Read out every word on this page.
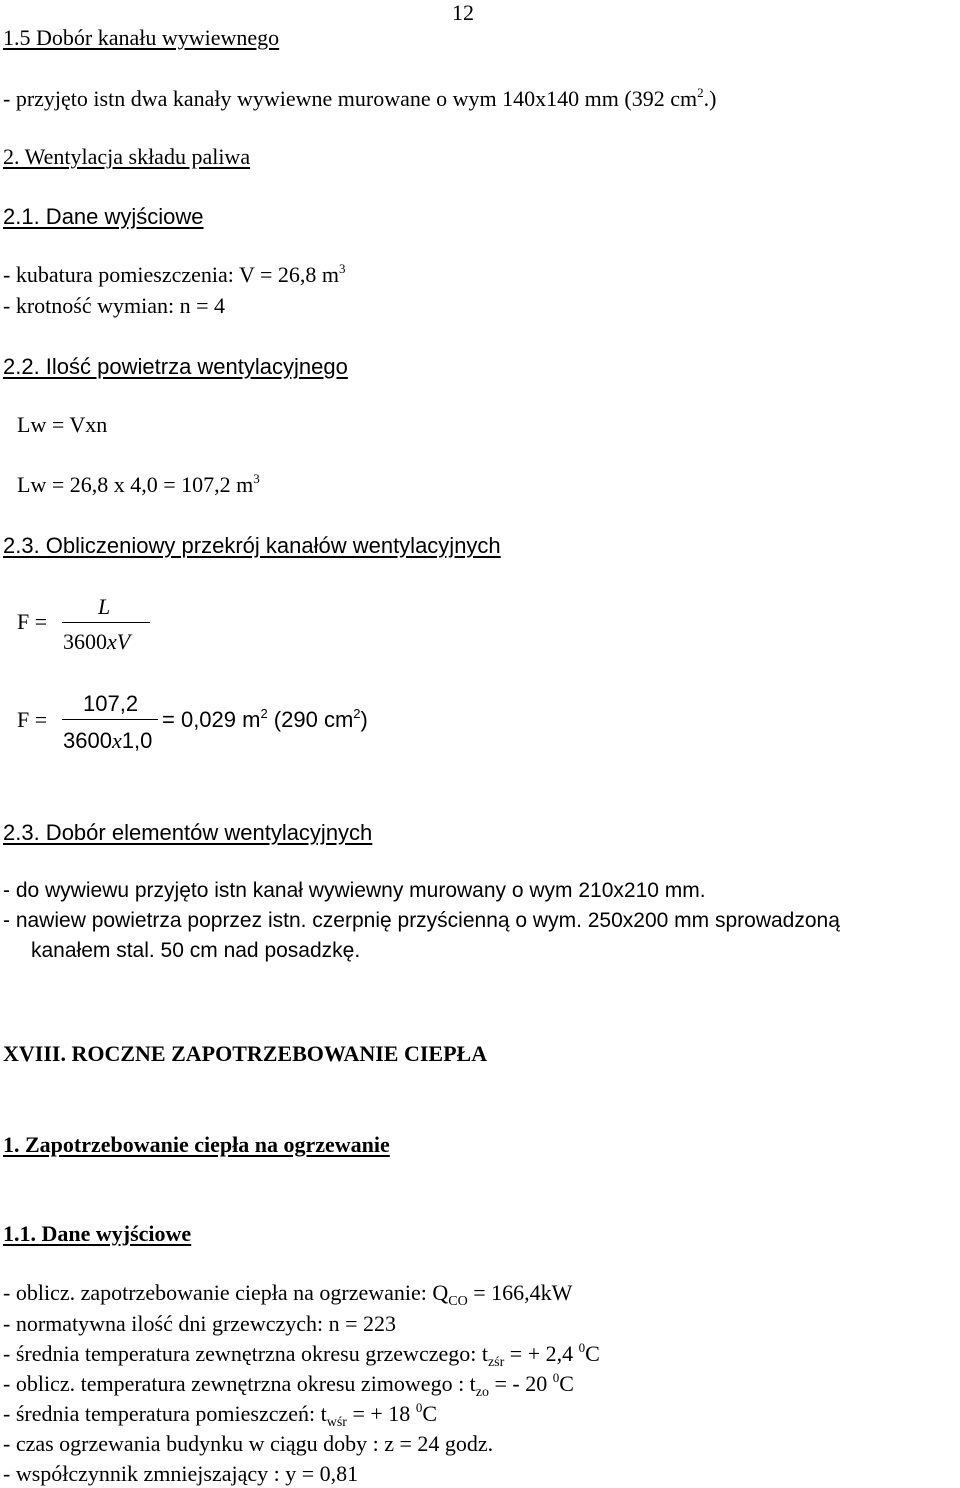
12
1.5 Dobór kanału wywiewnego
- przyjęto istn dwa kanały wywiewne murowane o wym 140x140 mm (392 $cm^2$.)
2. Wentylacja składu paliwa
2.1. Dane wyjściowe
- kubatura pomieszczenia: V = 26,8 $m^3$
- krotność wymian: n = 4
2.2. Ilość powietrza wentylacyjnego
Lw = Vxn
Lw = 26,8 x 4,0 = 107,2 $m^3$
2.3. Obliczeniowy przekrój kanałów wentylacyjnych
F =
L
3600xV
F =
107,2
3600x1,0
= 0,029 $m^2$ (290 $cm^2$)
2.3. Dobór elementów wentylacyjnych
- do wywiewu przyjęto istn kanał wywiewny murowany o wym 210x210 mm.
- nawiew powietrza poprzez istn. czerpnię przyścienną o wym. 250x200 mm sprowadzoną
kanałem stal. 50 cm nad posadzkę.
XVIII. ROCZNE ZAPOTRZEBOWANIE CIEPŁA
1. Zapotrzebowanie ciepła na ogrzewanie
1.1. Dane wyjściowe
- oblicz. zapotrzebowanie ciepła na ogrzewanie: $Q_{CO} = 166,4kW$
- normatywna ilość dni grzewczych: n = 223
- średnia temperatura zewnętrzna okresu grzewczego: $t_{zśr}$ = + 2,4 $^0$C
- oblicz. temperatura zewnętrzna okresu zimowego : $t_{zo}$ = - 20 $^0$C
- średnia temperatura pomieszczeń: $t_{wśr}$ = + 18 $^0$C
- czas ogrzewania budynku w ciągu doby : z = 24 godz.
- współczynnik zmniejszający : y = 0,81
